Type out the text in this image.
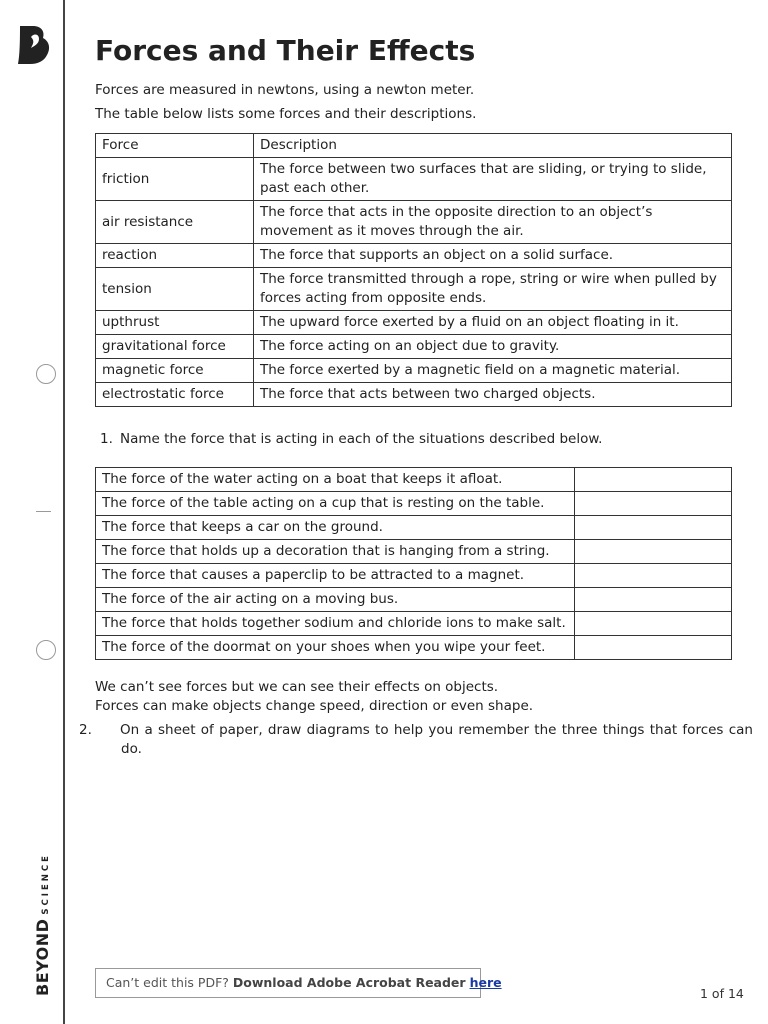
BEYONDSCIENCE
Forces and Their Effects

Forces are measured in newtons, using a newton meter.

The table below lists some forces and their descriptions.

Force	Description
friction	The force between two surfaces that are sliding, or trying to slide, past each other.
air resistance	The force that acts in the opposite direction to an object’s movement as it moves through the air.
reaction	The force that supports an object on a solid surface.
tension	The force transmitted through a rope, string or wire when pulled by forces acting from opposite ends.
upthrust	The upward force exerted by a fluid on an object floating in it.
gravitational force	The force acting on an object due to gravity.
magnetic force	The force exerted by a magnetic field on a magnetic material.
electrostatic force	The force that acts between two charged objects.

1. Name the force that is acting in each of the situations described below.

The force of the water acting on a boat that keeps it afloat.	
The force of the table acting on a cup that is resting on the table.	
The force that keeps a car on the ground.	
The force that holds up a decoration that is hanging from a string.	
The force that causes a paperclip to be attracted to a magnet.	
The force of the air acting on a moving bus.	
The force that holds together sodium and chloride ions to make salt.	
The force of the doormat on your shoes when you wipe your feet.	
We can’t see forces but we can see their effects on objects.
Forces can make objects change speed, direction or even shape.

2. On a sheet of paper, draw diagrams to help you remember the three things that forces can do.

Can’t edit this PDF? Download Adobe Acrobat Reader here
1 of 14
